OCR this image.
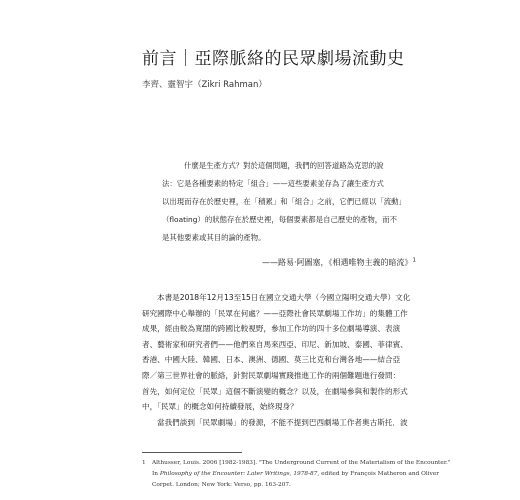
前言｜亞際脈絡的民眾劇場流動史
李齊、靈智宇（Zikri Rahman）
什麼是生產方式？對於這個問題，我們的回答道路為克思的說
法：它是各種要素的特定「組合」——這些要素並存為了讓生產方式
以出現而存在於歷史裡，在「積累」和「組合」之前，它們已經以「流動」
（floating）的狀態存在於歷史裡，每個要素都是自己歷史的產物，而不
是其他要素或其目的論的產物。
——路易·阿圖塞，《相遇唯物主義的暗流》$^1$
本書是2018年12月13至15日在國立交通大學（今國立陽明交通大學）文化
研究國際中心舉辦的「民眾在何處？——亞際社會民眾劇場工作坊」的集體工作
成果，經由較為寬闊的跨國比較視野，參加工作坊的四十多位劇場導演、表演
者、藝術家和研究者們——他們來自馬來西亞、印尼、新加坡、泰國、菲律賓、
香港、中國大陸、韓國、日本、澳洲、德國、莫三比克和台灣各地——結合亞
際／第三世界社會的脈絡，針對民眾劇場實踐推進工作的兩個難題進行發問：
首先，如何定位「民眾」這個不斷演變的概念？以及，在劇場參與和製作的形式
中，「民眾」的概念如何持續發展，始終現身？
當我們談到「民眾劇場」的發源，不能不提到巴西劇場工作者奧古斯托．波
1 Althusser, Louis. 2006 [1982-1983]. "The Underground Current of the Materialism of the Encounter."
In Philosophy of the Encounter: Later Writings, 1978-87, edited by François Matheron and Oliver
Corpet. London; New York: Verso, pp. 163-207.
